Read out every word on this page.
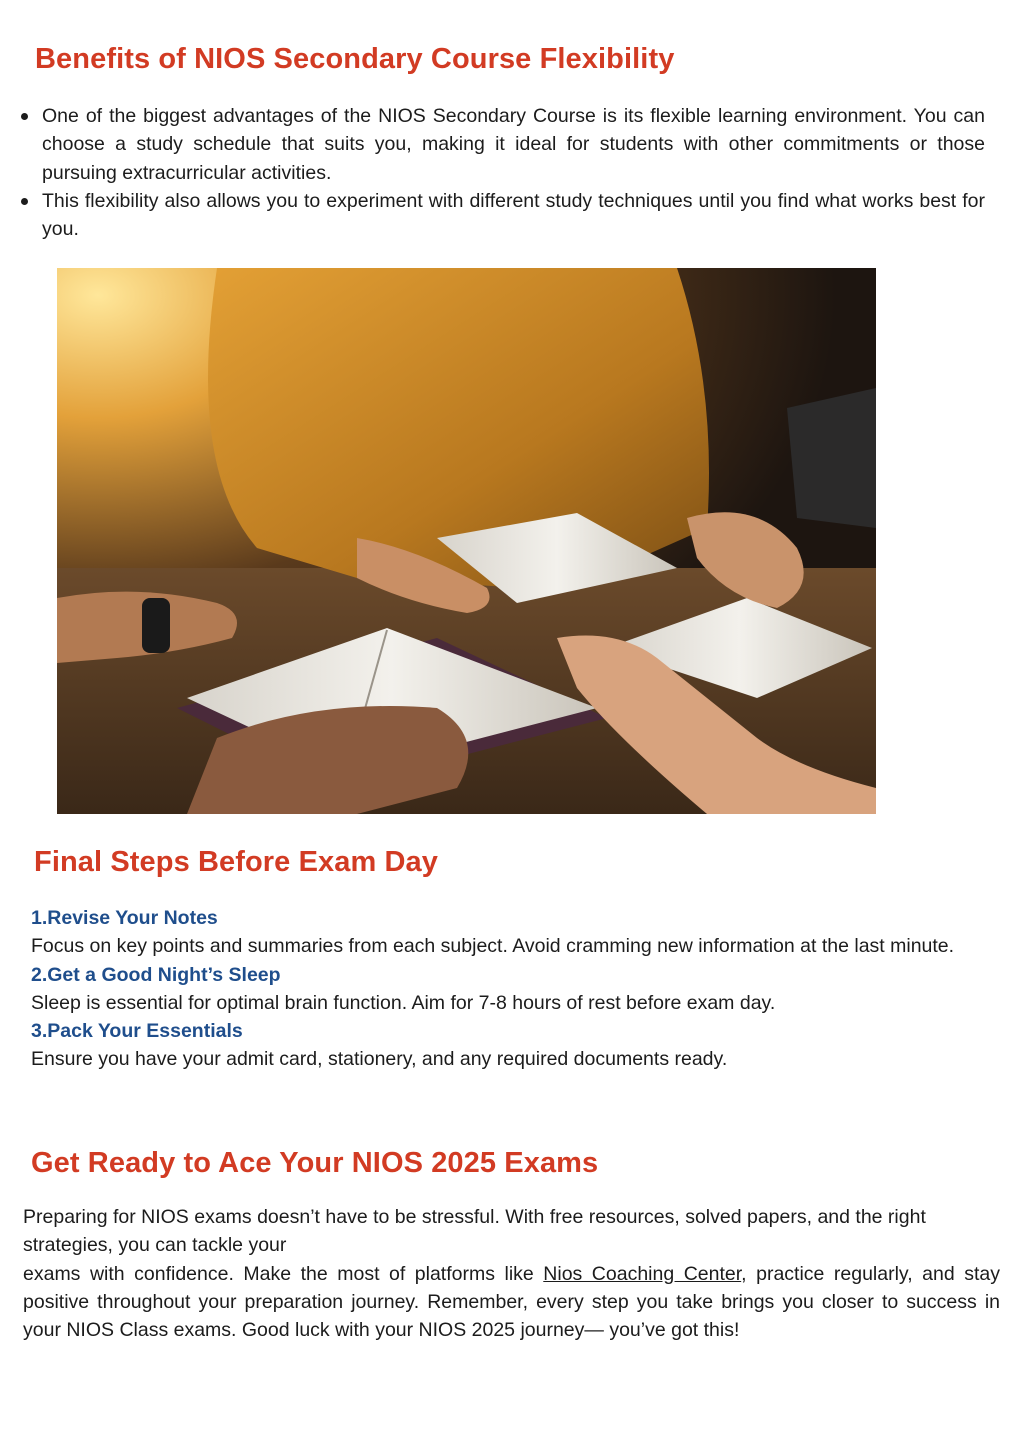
Benefits of NIOS Secondary Course Flexibility
One of the biggest advantages of the NIOS Secondary Course is its flexible learning environment. You can choose a study schedule that suits you, making it ideal for students with other commitments or those pursuing extracurricular activities.
This flexibility also allows you to experiment with different study techniques until you find what works best for you.
Final Steps Before Exam Day
1.Revise Your Notes
Focus on key points and summaries from each subject. Avoid cramming new information at the last minute.
2.Get a Good Night’s Sleep
Sleep is essential for optimal brain function. Aim for 7-8 hours of rest before exam day.
3.Pack Your Essentials
Ensure you have your admit card, stationery, and any required documents ready.
Get Ready to Ace Your NIOS 2025 Exams

Preparing for NIOS exams doesn’t have to be stressful. With free resources, solved papers, and the right strategies, you can tackle your
exams with confidence. Make the most of platforms like Nios Coaching Center, practice regularly, and stay positive throughout your preparation journey. Remember, every step you take brings you closer to success in your NIOS Class exams. Good luck with your NIOS 2025 journey— you’ve got this!
